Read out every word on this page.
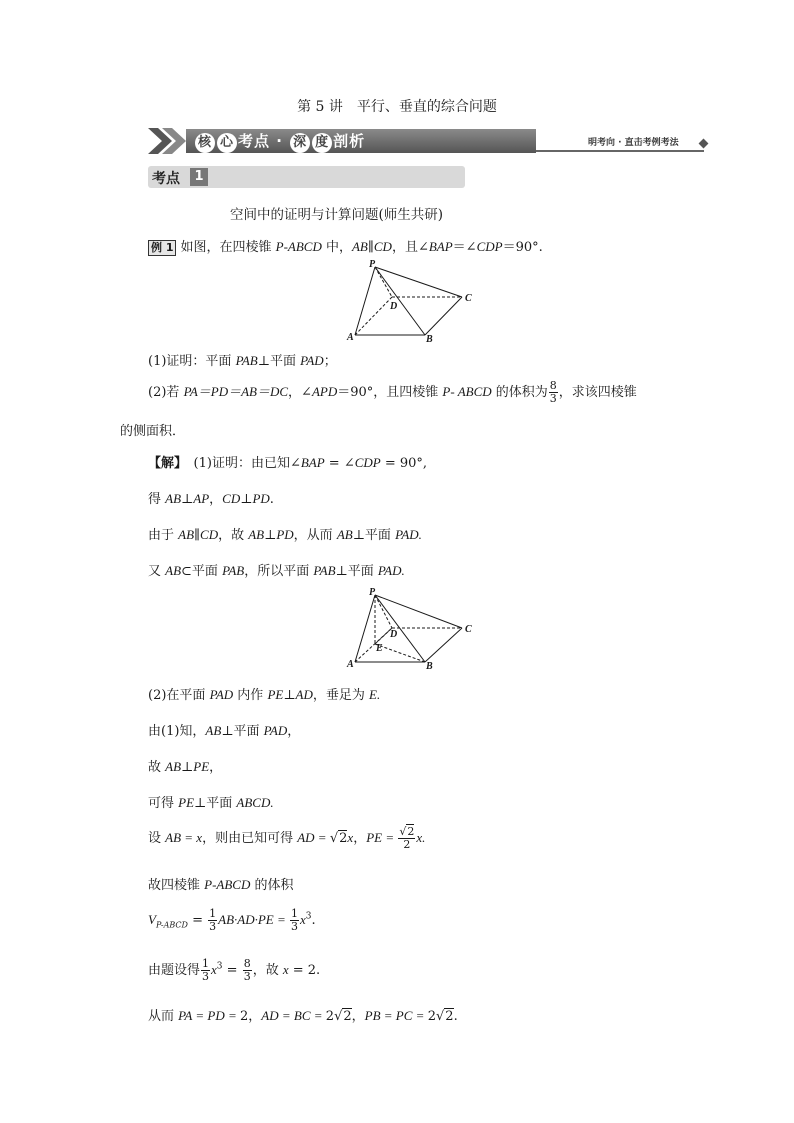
第 5 讲　平行、垂直的综合问题
核 心 考点 · 深 度 剖析	明考向 · 直击考例考法
考点	1
空间中的证明与计算问题(师生共研)
例 1 如图，在四棱锥 P-ABCD 中，AB∥CD，且∠BAP＝∠CDP＝90°.
P
D
C
A	B
(1)证明：平面 PAB⊥平面 PAD；
(2)若 PA＝PD＝AB＝DC，∠APD＝90°，且四棱锥 P- ABCD 的体积为 $\frac{8}{3}$ ，求该四棱锥
的侧面积．
【解】　 (1)证明：由已知∠BAP = ∠CDP = 90°,
得 AB⊥AP，CD⊥PD.
由于 AB∥CD，故 AB⊥PD，从而 AB⊥平面 PAD.
又 AB⊂平面 PAB，所以平面 PAB⊥平面 PAD.
P
D	C
E
A	B
(2)在平面 PAD 内作 PE⊥AD，垂足为 E.
由(1)知，AB⊥平面 PAD，
故 AB⊥PE，
可得 PE⊥平面 ABCD.
设 AB = x，则由已知可得 AD = √2x，PE = $\frac{√2}{2} x$.
故四棱锥 P-ABCD 的体积
$V_{P-ABCD} = \frac{1}{3} AB\cdot AD\cdot PE = \frac{1}{3} x^3$.
由题设得 $\frac{1}{3} x^3 = \frac{8}{3}$ ，故 x = 2.
从而 PA = PD = 2，AD = BC = 2√2，PB = PC = 2√2.
